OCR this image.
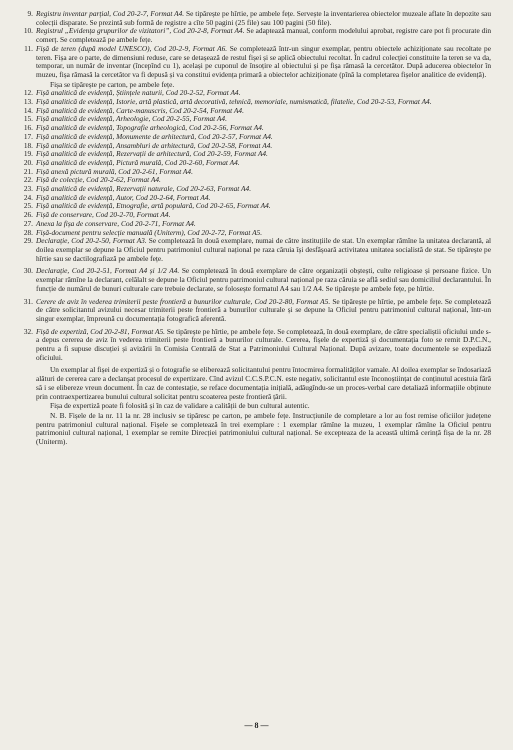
9. Registru inventar parțial, Cod 20-2-7, Format A4. Se tipărește pe hîrtie, pe ambele fețe. Servește la inventarierea obiectelor muzeale aflate în depozite sau colecții disparate. Se prezintă sub formă de registre a cîte 50 pagini (25 file) sau 100 pagini (50 file).

10. Registrul „Evidența grupurilor de vizitatori”, Cod 20-2-8, Format A4. Se adaptează manual, conform modelului aprobat, registre care pot fi procurate din comerț. Se completează pe ambele fețe.

11. Fișă de teren (după model UNESCO), Cod 20-2-9, Format A6. Se completează într-un singur exemplar, pentru obiectele achiziționate sau recoltate pe teren. Fișa are o parte, de dimensiuni reduse, care se detașează de restul fișei și se aplică obiectului recoltat. În cadrul colecției constituite la teren se va da, temporar, un număr de inventar (începînd cu 1), același pe cuponul de însoțire al obiectului și pe fișa rămasă la cercetător. După aducerea obiectelor în muzeu, fișa rămasă la cercetător va fi depusă și va constitui evidența primară a obiectelor achiziționate (pînă la completarea fișelor analitice de evidență).

Fișa se tipărește pe carton, pe ambele fețe.

12. Fișă analitică de evidență, Științele naturii, Cod 20-2-52, Format A4.

13. Fișă analitică de evidență, Istorie, artă plastică, artă decorativă, tehnică, memoriale, numismatică, filatelie, Cod 20-2-53, Format A4.

14. Fișă analitică de evidență, Carte-manuscris, Cod 20-2-54, Format A4.

15. Fișă analitică de evidență, Arheologie, Cod 20-2-55, Format A4.

16. Fișă analitică de evidență, Topografie arheologică, Cod 20-2-56, Format A4.

17. Fișă analitică de evidență, Monumente de arhitectură, Cod 20-2-57, Format A4.

18. Fișă analitică de evidență, Ansambluri de arhitectură, Cod 20-2-58, Format A4.

19. Fișă analitică de evidență, Rezervații de arhitectură, Cod 20-2-59, Format A4.

20. Fișă analitică de evidență, Pictură murală, Cod 20-2-60, Format A4.

21. Fișă anexă pictură murală, Cod 20-2-61, Format A4.

22. Fișă de colecție, Cod 20-2-62, Format A4.

23. Fișă analitică de evidență, Rezervații naturale, Cod 20-2-63, Format A4.

24. Fișă analitică de evidență, Autor, Cod 20-2-64, Format A4.

25. Fișă analitică de evidență, Etnografie, artă populară, Cod 20-2-65, Format A4.

26. Fișă de conservare, Cod 20-2-70, Format A4.

27. Anexa la fișa de conservare, Cod 20-2-71, Format A4.

28. Fișă-document pentru selecție manuală (Uniterm), Cod 20-2-72, Format A5.

29. Declarație, Cod 20-2-50, Format A3. Se completează în două exemplare, numai de către instituțiile de stat. Un exemplar rămîne la unitatea declarantă, al doilea exemplar se depune la Oficiul pentru patrimoniul cultural național pe raza căruia își desfășoară activitatea unitatea socialistă de stat. Se tipărește pe hîrtie sau se dactilografiază pe ambele fețe.

30. Declarație, Cod 20-2-51, Format A4 și 1/2 A4. Se completează în două exemplare de către organizații obștești, culte religioase și persoane fizice. Un exemplar rămîne la declarant, celălalt se depune la Oficiul pentru patrimoniul cultural național pe raza căruia se află sediul sau domiciliul declarantului. În funcție de numărul de bunuri culturale care trebuie declarate, se folosește formatul A4 sau 1/2 A4. Se tipărește pe ambele fețe, pe hîrtie.

31. Cerere de aviz în vederea trimiterii peste frontieră a bunurilor culturale, Cod 20-2-80, Format A5. Se tipărește pe hîrtie, pe ambele fețe. Se completează de către solicitantul avizului necesar trimiterii peste frontieră a bunurilor culturale și se depune la Oficiul pentru patrimoniul cultural național, într-un singur exemplar, împreună cu documentația fotografică aferentă.

32. Fișă de expertiză, Cod 20-2-81, Format A5. Se tipărește pe hîrtie, pe ambele fețe. Se completează, în două exemplare, de către specialiștii oficiului unde s-a depus cererea de aviz în vederea trimiterii peste frontieră a bunurilor culturale. Cererea, fișele de expertiză și documentația foto se remit D.P.C.N., pentru a fi supuse discuției și avizării în Comisia Centrală de Stat a Patrimoniului Cultural Național. După avizare, toate documentele se expediază oficiului.

Un exemplar al fișei de expertiză și o fotografie se eliberează solicitantului pentru întocmirea formalităților vamale. Al doilea exemplar se îndosariază alături de cererea care a declanșat procesul de expertizare. Cînd avizul C.C.S.P.C.N. este negativ, solicitantul este înconoștiințat de conținutul acestuia fără să i se elibereze vreun document. În caz de contestație, se reface documentația inițială, adăugîndu-se un proces-verbal care detaliază informațiile obținute prin contraexpertizarea bunului cultural solicitat pentru scoaterea peste frontieră țării.

Fișa de expertiză poate fi folosită și în caz de validare a calității de bun cultural autentic.

N. B. Fișele de la nr. 11 la nr. 28 inclusiv se tipăresc pe carton, pe ambele fețe. Instrucțiunile de completare a lor au fost remise oficiilor județene pentru patrimoniul cultural național. Fișele se completează în trei exemplare : 1 exemplar rămîne la muzeu, 1 exemplar rămîne la Oficiul pentru patrimoniul cultural național, 1 exemplar se remite Direcției patrimoniului cultural național. Se excepteaza de la această ultimă cerință fișa de la nr. 28 (Uniterm).

— 8 —
